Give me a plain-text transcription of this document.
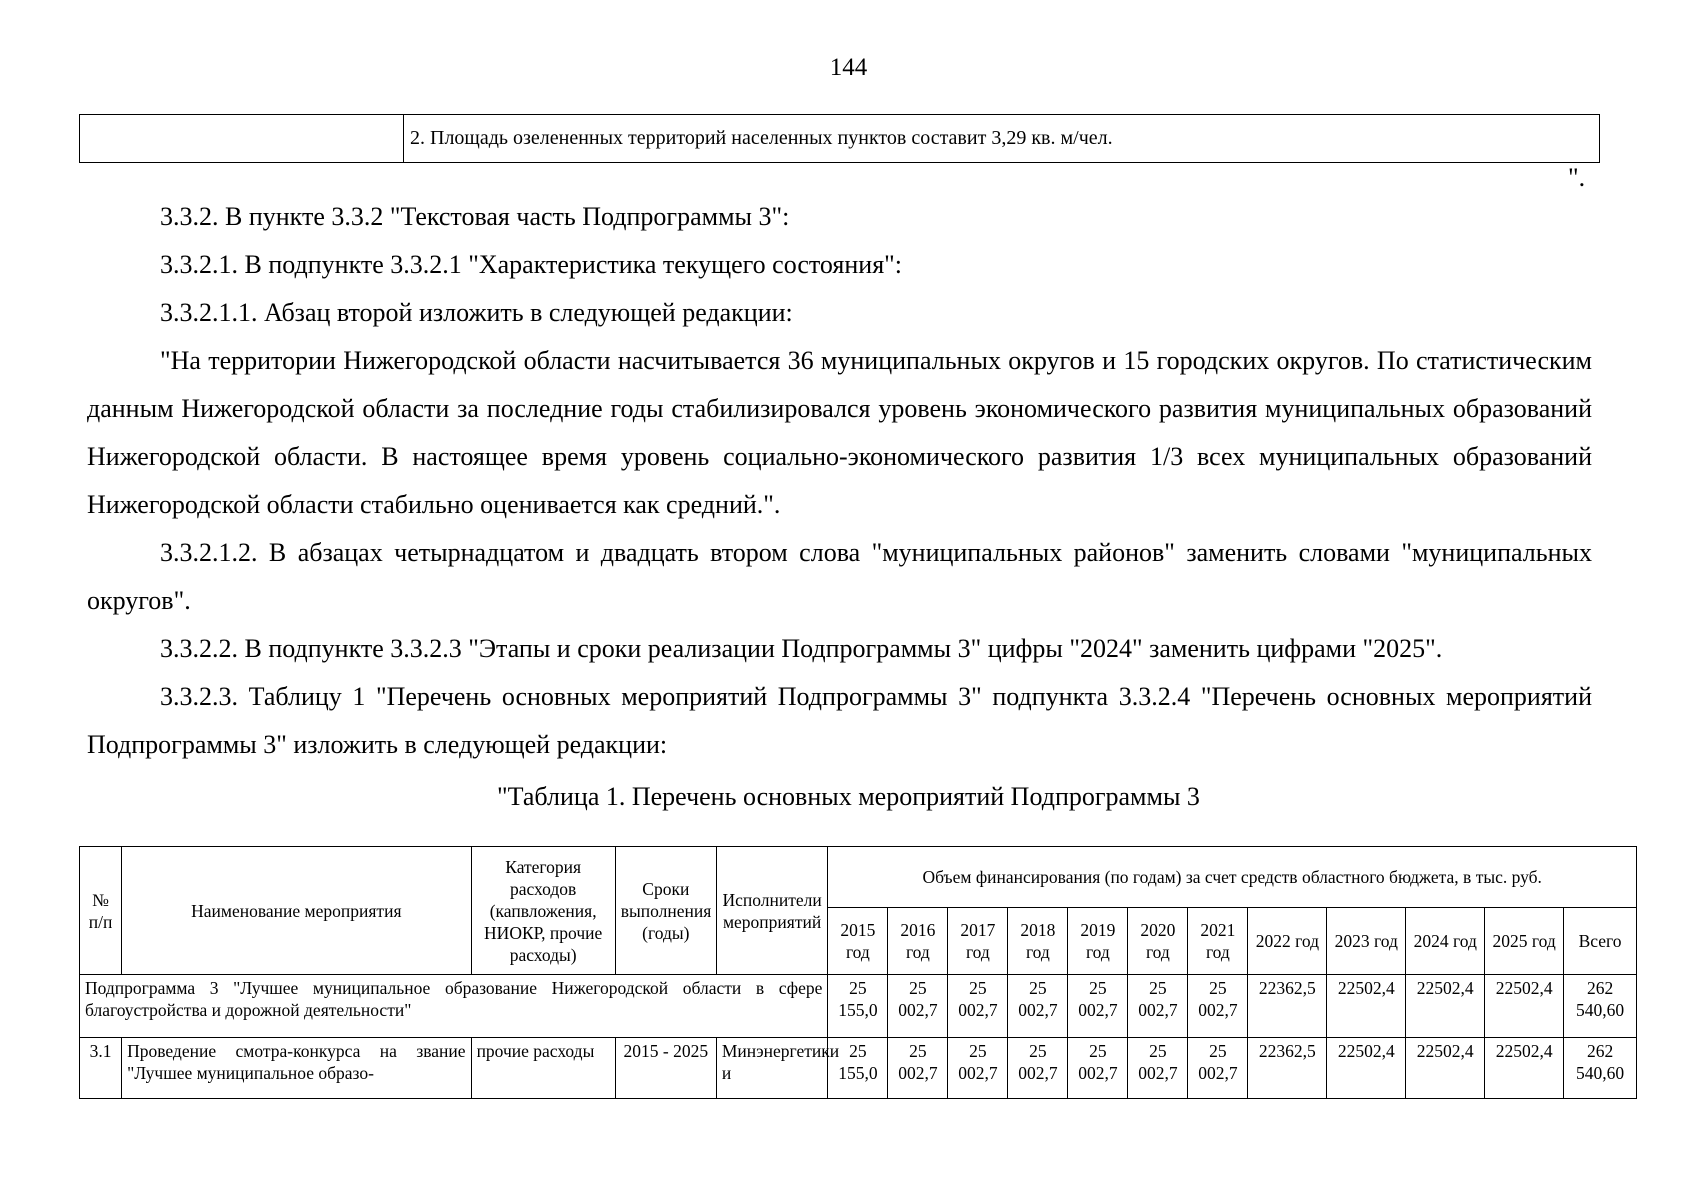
144
	2. Площадь озелененных территорий населенных пунктов составит 3,29 кв. м/чел.
".

3.3.2. В пункте 3.3.2 "Текстовая часть Подпрограммы 3":

3.3.2.1. В подпункте 3.3.2.1 "Характеристика текущего состояния":

3.3.2.1.1. Абзац второй изложить в следующей редакции:

"На территории Нижегородской области насчитывается 36 муниципальных округов и 15 городских округов. По статистическим данным Нижегородской области за последние годы стабилизировался уровень экономического развития муниципальных образований Нижегородской области. В настоящее время уровень социально-экономического развития 1/3 всех муниципальных образований Нижегородской области стабильно оценивается как средний.".

3.3.2.1.2. В абзацах четырнадцатом и двадцать втором слова "муниципальных районов" заменить словами "муниципальных округов".

3.3.2.2. В подпункте 3.3.2.3 "Этапы и сроки реализации Подпрограммы 3" цифры "2024" заменить цифрами "2025".

3.3.2.3. Таблицу 1 "Перечень основных мероприятий Подпрограммы 3" подпункта 3.3.2.4 "Перечень основных мероприятий Подпрограммы 3" изложить в следующей редакции:

"Таблица 1. Перечень основных мероприятий Подпрограммы 3
№ п/п	Наименование мероприятия	Категория расходов (капвложения, НИОКР, прочие расходы)	Сроки выполнения (годы)	Исполнители мероприятий	Объем финансирования (по годам) за счет средств областного бюджета, в тыс. руб.											
					2015 год	2016 год	2017 год	2018 год	2019 год	2020 год	2021 год	2022 год	2023 год	2024 год	2025 год	Всего
Подпрограмма 3 "Лучшее муниципальное образование Нижегородской области в сфере благоустройства и дорожной деятельности"					25 155,0	25 002,7	25 002,7	25 002,7	25 002,7	25 002,7	25 002,7	22362,5	22502,4	22502,4	22502,4	262 540,60
3.1	Проведение смотра-конкурса на звание "Лучшее муниципальное образо-	прочие расходы	2015 - 2025	Минэнергетики и	25 155,0	25 002,7	25 002,7	25 002,7	25 002,7	25 002,7	25 002,7	22362,5	22502,4	22502,4	22502,4	262 540,60
